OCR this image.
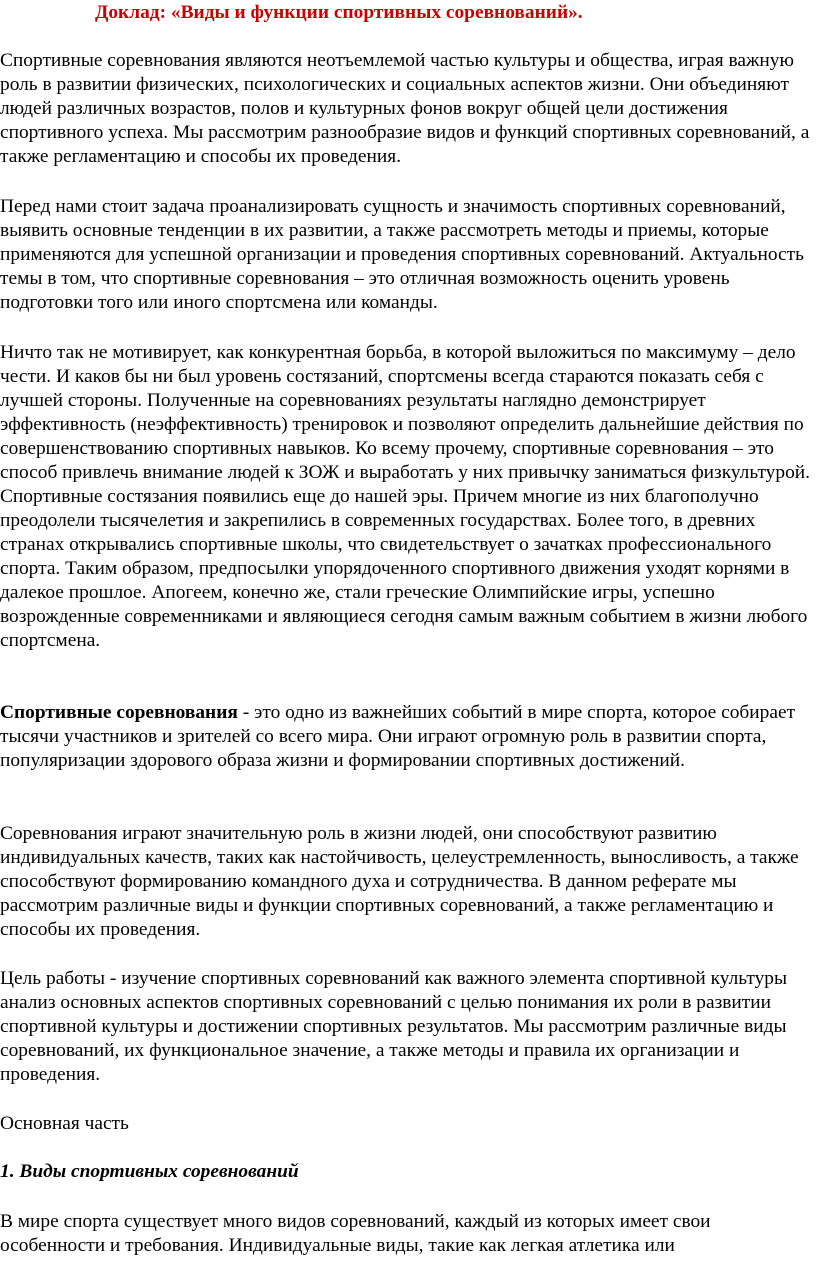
Доклад: «Виды и функции спортивных соревнований».

Спортивные соревнования являются неотъемлемой частью культуры и общества, играя важную роль в развитии физических, психологических и социальных аспектов жизни. Они объединяют людей различных возрастов, полов и культурных фонов вокруг общей цели достижения спортивного успеха. Мы рассмотрим разнообразие видов и функций спортивных соревнований, а также регламентацию и способы их проведения.

Перед нами стоит задача проанализировать сущность и значимость спортивных соревнований, выявить основные тенденции в их развитии, а также рассмотреть методы и приемы, которые применяются для успешной организации и проведения спортивных соревнований. Актуальность темы в том, что спортивные соревнования – это отличная возможность оценить уровень подготовки того или иного спортсмена или команды.

Ничто так не мотивирует, как конкурентная борьба, в которой выложиться по максимуму – дело чести. И каков бы ни был уровень состязаний, спортсмены всегда стараются показать себя с лучшей стороны. Полученные на соревнованиях результаты наглядно демонстрирует эффективность (неэффективность) тренировок и позволяют определить дальнейшие действия по совершенствованию спортивных навыков. Ко всему прочему, спортивные соревнования – это способ привлечь внимание людей к ЗОЖ и выработать у них привычку заниматься физкультурой. Спортивные состязания появились еще до нашей эры. Причем многие из них благополучно преодолели тысячелетия и закрепились в современных государствах. Более того, в древних странах открывались спортивные школы, что свидетельствует о зачатках профессионального спорта. Таким образом, предпосылки упорядоченного спортивного движения уходят корнями в далекое прошлое. Апогеем, конечно же, стали греческие Олимпийские игры, успешно возрожденные современниками и являющиеся сегодня самым важным событием в жизни любого спортсмена.

Спортивные соревнования - это одно из важнейших событий в мире спорта, которое собирает тысячи участников и зрителей со всего мира. Они играют огромную роль в развитии спорта, популяризации здорового образа жизни и формировании спортивных достижений.

Соревнования играют значительную роль в жизни людей, они способствуют развитию индивидуальных качеств, таких как настойчивость, целеустремленность, выносливость, а также способствуют формированию командного духа и сотрудничества. В данном реферате мы рассмотрим различные виды и функции спортивных соревнований, а также регламентацию и способы их проведения.

Цель работы - изучение спортивных соревнований как важного элемента спортивной культуры анализ основных аспектов спортивных соревнований с целью понимания их роли в развитии спортивной культуры и достижении спортивных результатов. Мы рассмотрим различные виды соревнований, их функциональное значение, а также методы и правила их организации и проведения.

Основная часть

1. Виды спортивных соревнований

В мире спорта существует много видов соревнований, каждый из которых имеет свои особенности и требования. Индивидуальные виды, такие как легкая атлетика или
